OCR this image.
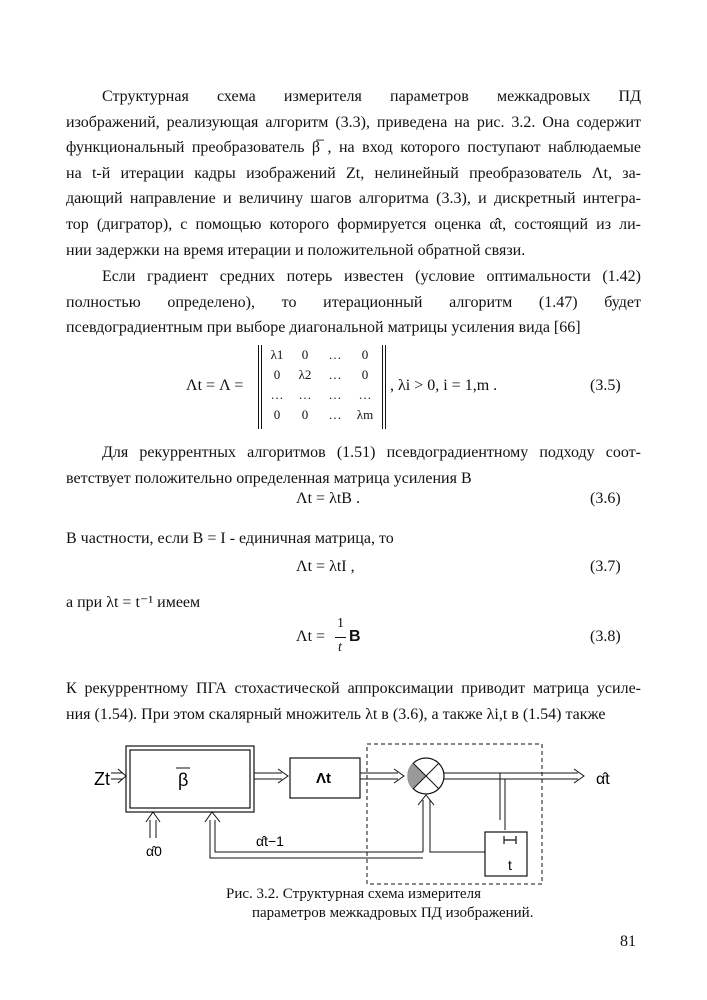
Структурная схема измерителя параметров межкадровых ПД
изображений, реализующая алгоритм (3.3), приведена на рис. 3.2. Она содержит
функциональный преобразователь β̅ , на вход которого поступают наблюдаемые
на t-й итерации кадры изображений Zt, нелинейный преобразователь Λt, за-
дающий направление и величину шагов алгоритма (3.3), и дискретный интегра-
тор (дигратор), с помощью которого формируется оценка α̂t, состоящий из ли-
нии задержки на время итерации и положительной обратной связи.
Если градиент средних потерь известен (условие оптимальности (1.42)
полностью определено), то итерационный алгоритм (1.47) будет псевдоградиентным при выборе диагональной матрицы усиления вида [66]
Λt = Λ =
λ1	0	…	0
0	λ2	…	0
…	…	…	…
0	0	…	λm
, λi > 0, i = 1,m .	(3.5)
Для рекуррентных алгоритмов (1.51) псевдоградиентному подходу соот-
ветствует положительно определенная матрица усиления B
Λt = λtB .	(3.6)
В частности, если B = I - единичная матрица, то
Λt = λtI ,	(3.7)
а при λt = t⁻¹ имеем
Λt =
1
t
B	(3.8)
К рекуррентному ПГА стохастической аппроксимации приводит матрица усиле-
ния (1.54). При этом скалярный множитель λt в (3.6), а также λi,t в (1.54) также
β
Zt	Λt	α̂t
t
α̂t−1
α̂0
Рис. 3.2. Структурная схема измерителя
параметров межкадровых ПД изображений.
81
